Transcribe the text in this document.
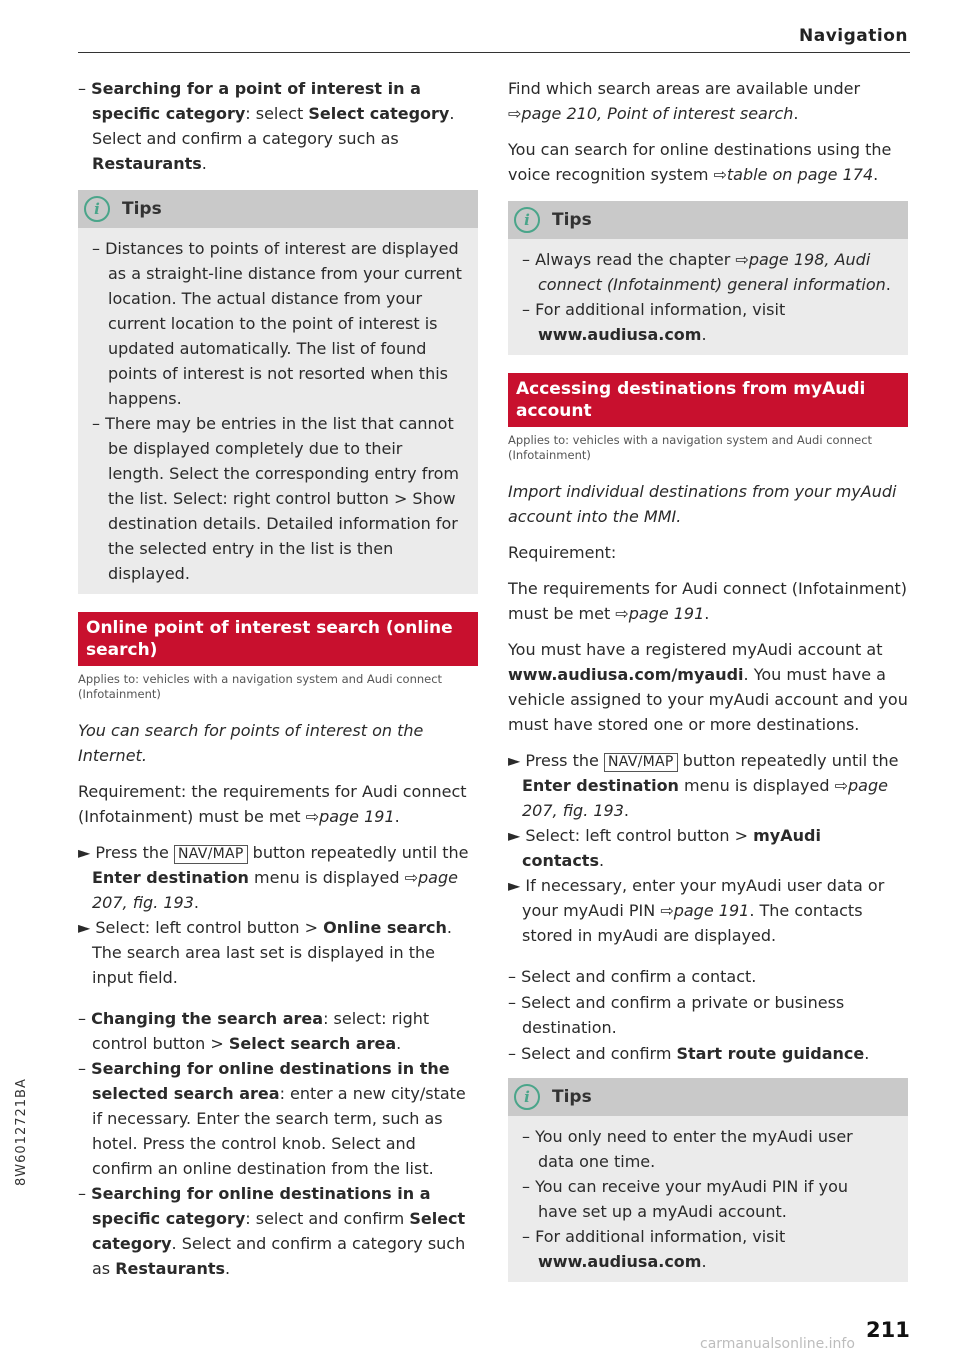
Navigation

– Searching for a point of interest in a specific category: select Select category. Select and confirm a category such as Restaurants.

i	Tips

– Distances to points of interest are displayed as a straight-line distance from your current location. The actual distance from your current location to the point of interest is updated automatically. The list of found points of interest is not resorted when this happens.

– There may be entries in the list that cannot be displayed completely due to their length. Select the corresponding entry from the list. Select: right control button > Show destination details. Detailed information for the selected entry in the list is then displayed.

Online point of interest search (online search)
Applies to: vehicles with a navigation system and Audi connect (Infotainment)

You can search for points of interest on the Internet.

Requirement: the requirements for Audi connect (Infotainment) must be met ⇨page 191.

► Press the NAV/MAP button repeatedly until the Enter destination menu is displayed ⇨page 207, fig. 193.

► Select: left control button > Online search. The search area last set is displayed in the input field.

– Changing the search area: select: right control button > Select search area.

– Searching for online destinations in the selected search area: enter a new city/state if necessary. Enter the search term, such as hotel. Press the control knob. Select and confirm an online destination from the list.

– Searching for online destinations in a specific category: select and confirm Select category. Select and confirm a category such as Restaurants.

Find which search areas are available under ⇨page 210, Point of interest search.

You can search for online destinations using the voice recognition system ⇨table on page 174.

i	Tips

– Always read the chapter ⇨page 198, Audi connect (Infotainment) general information.

– For additional information, visit www.audiusa.com.

Accessing destinations from myAudi account
Applies to: vehicles with a navigation system and Audi connect (Infotainment)

Import individual destinations from your myAudi account into the MMI.

Requirement:

The requirements for Audi connect (Infotainment) must be met ⇨page 191.

You must have a registered myAudi account at www.audiusa.com/myaudi. You must have a vehicle assigned to your myAudi account and you must have stored one or more destinations.

► Press the NAV/MAP button repeatedly until the Enter destination menu is displayed ⇨page 207, fig. 193.

► Select: left control button > myAudi contacts.

► If necessary, enter your myAudi user data or your myAudi PIN ⇨page 191. The contacts stored in myAudi are displayed.

– Select and confirm a contact.

– Select and confirm a private or business destination.

– Select and confirm Start route guidance.

i	Tips

– You only need to enter the myAudi user data one time.

– You can receive your myAudi PIN if you have set up a myAudi account.

– For additional information, visit www.audiusa.com.

8W6012721BA
211
carmanualsonline.info
